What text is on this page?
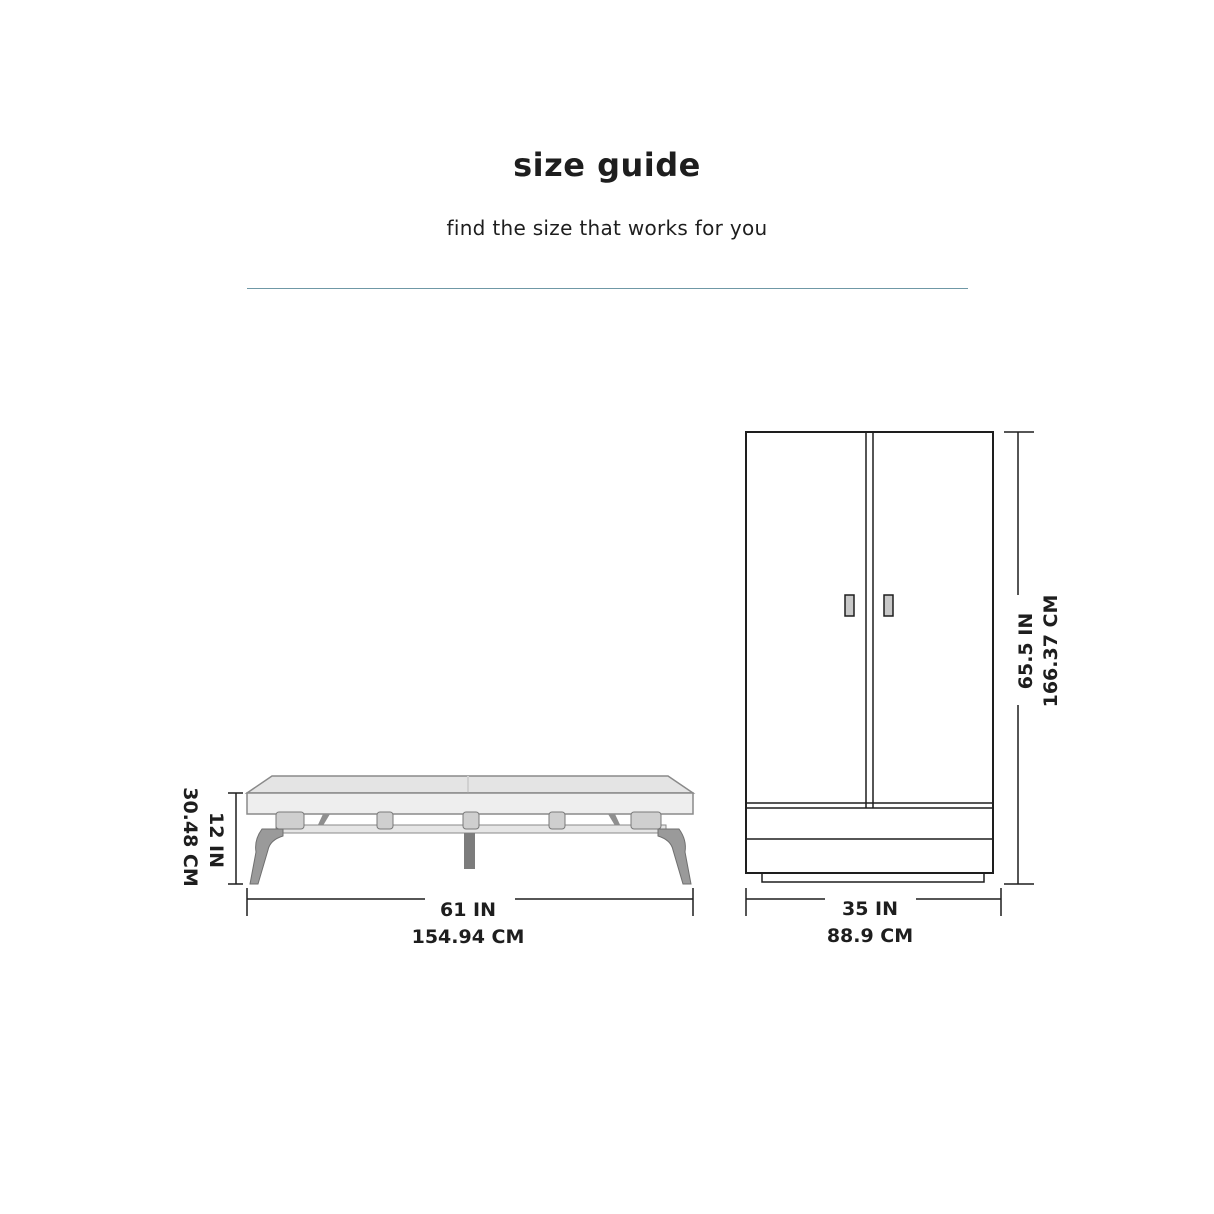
size guide
find the size that works for you
12 IN
30.48 CM
61 IN
154.94 CM
65.5 IN 166.37 CM
35 IN
88.9 CM
